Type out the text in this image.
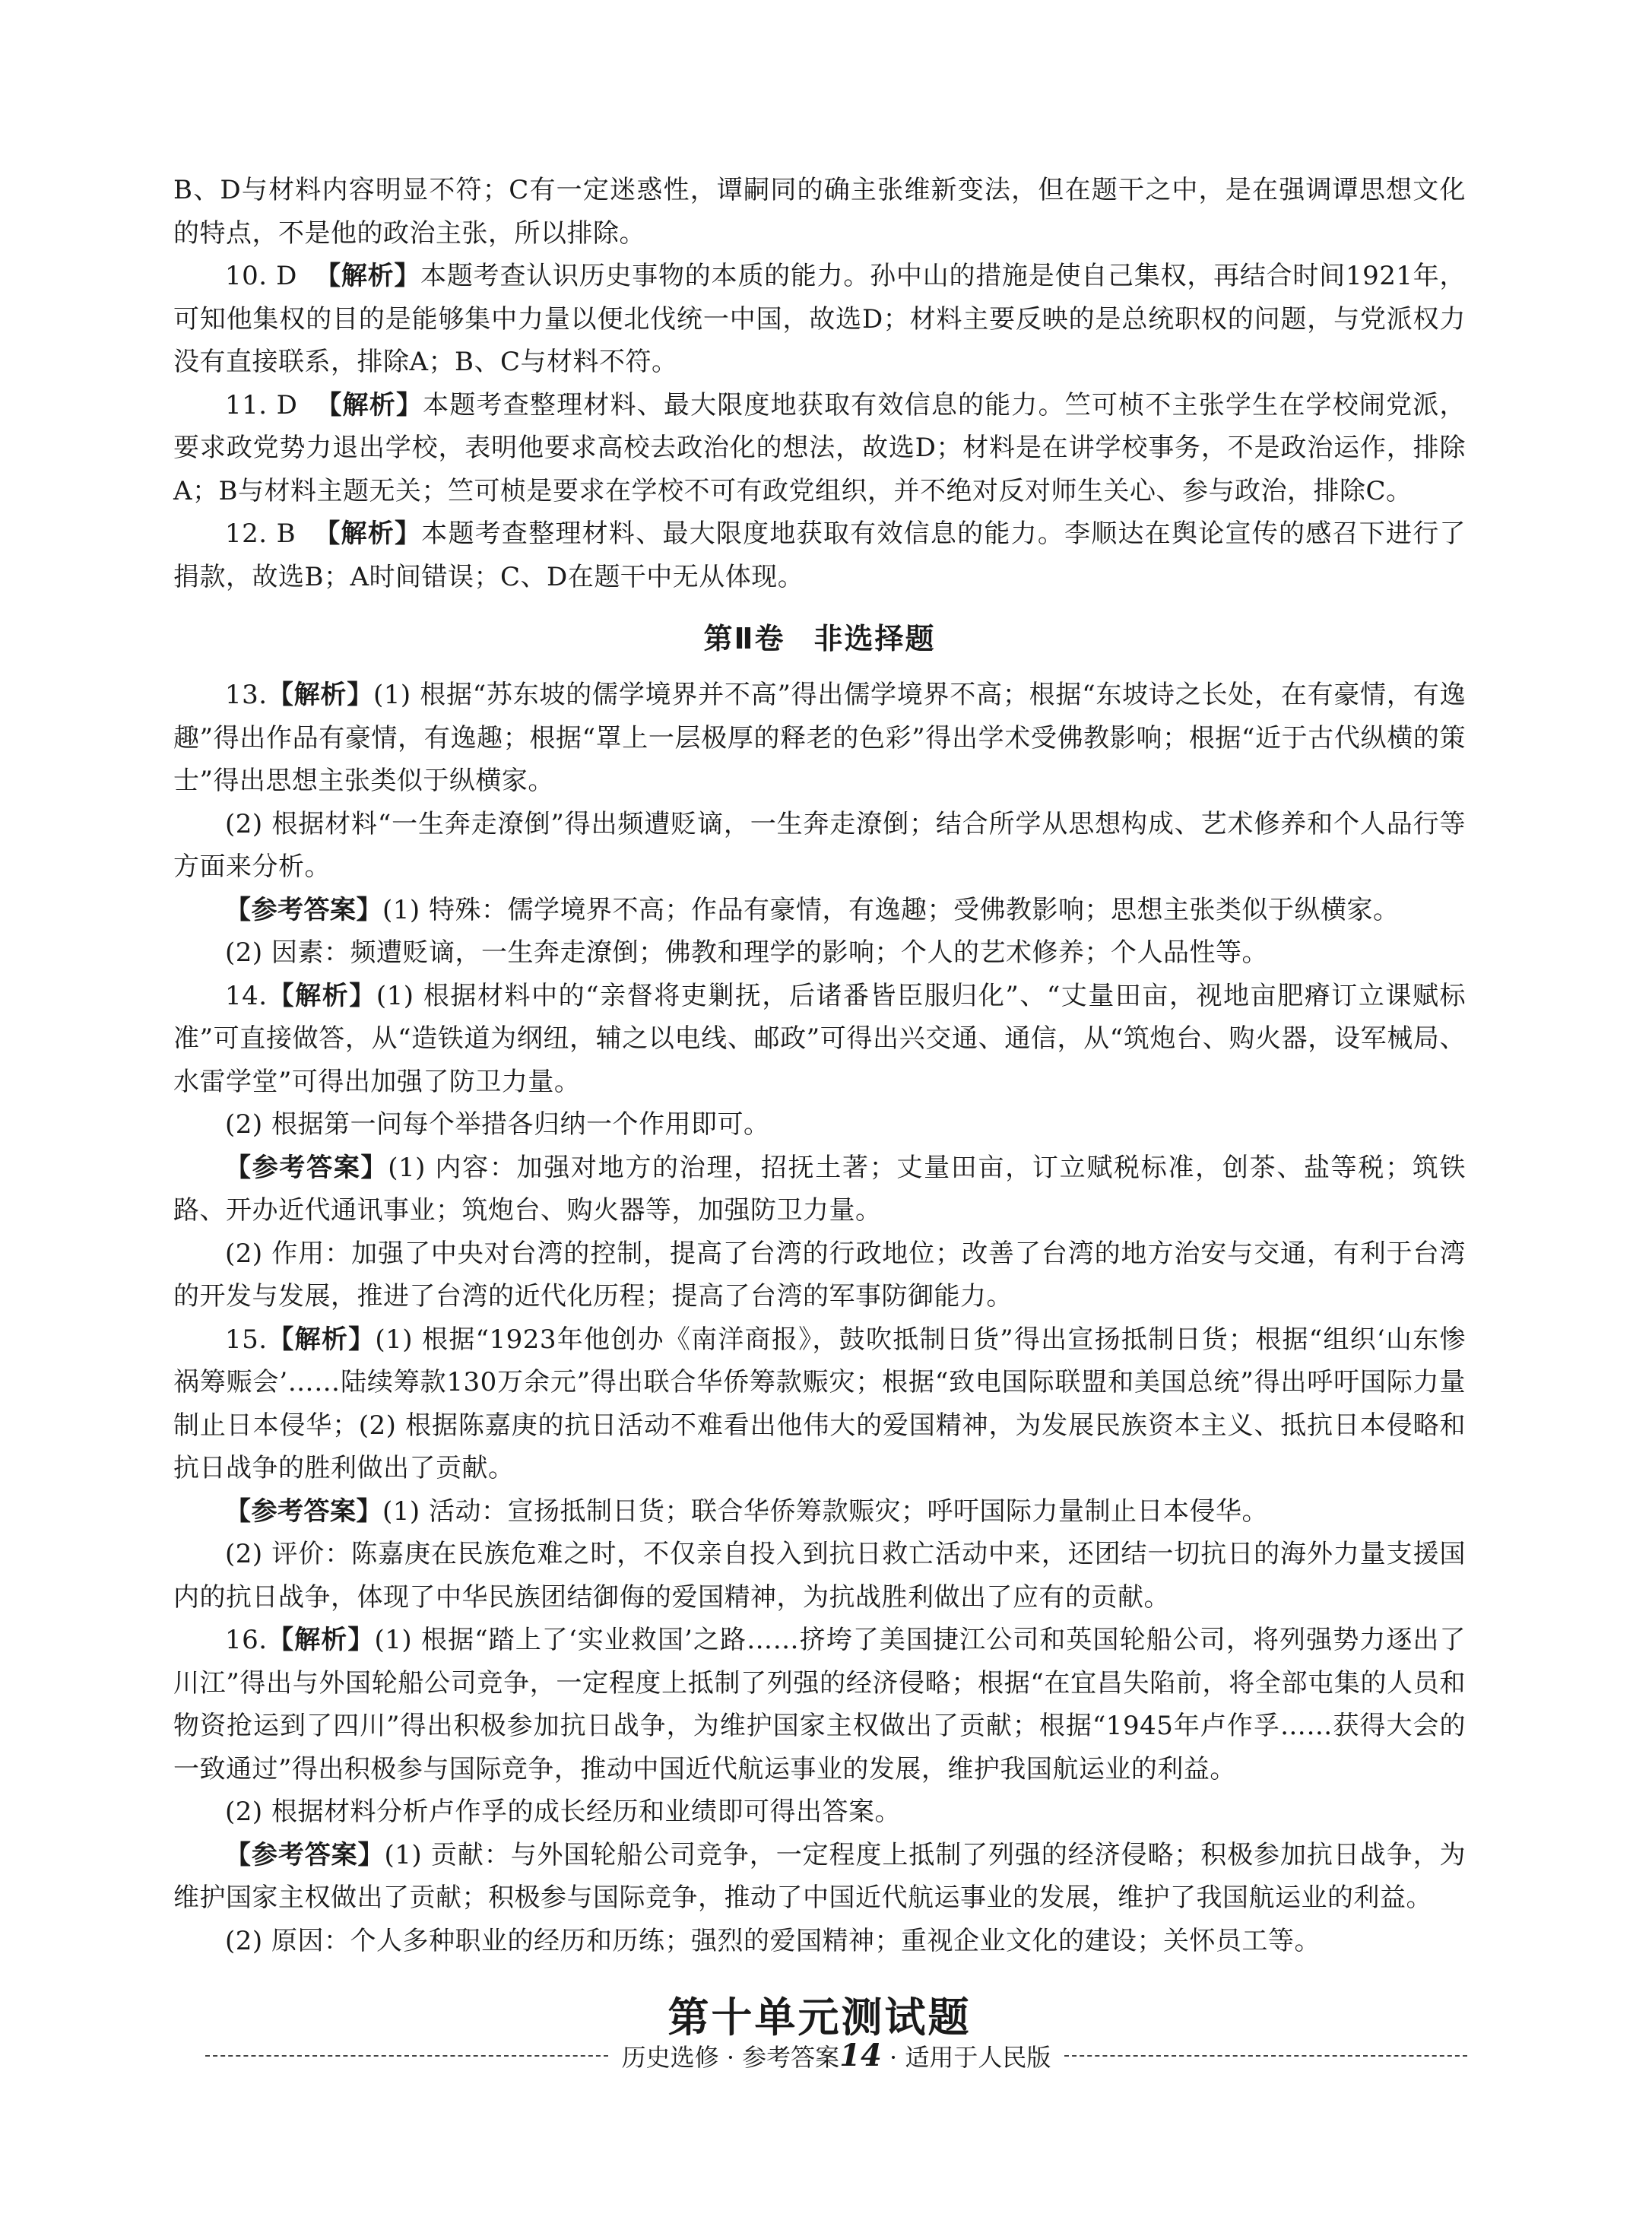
B、D与材料内容明显不符；C有一定迷惑性，谭嗣同的确主张维新变法，但在题干之中，是在强调谭思想文化的特点，不是他的政治主张，所以排除。

10. D 【解析】本题考查认识历史事物的本质的能力。孙中山的措施是使自己集权，再结合时间1921年，可知他集权的目的是能够集中力量以便北伐统一中国，故选D；材料主要反映的是总统职权的问题，与党派权力没有直接联系，排除A；B、C与材料不符。

11. D 【解析】本题考查整理材料、最大限度地获取有效信息的能力。竺可桢不主张学生在学校闹党派，要求政党势力退出学校，表明他要求高校去政治化的想法，故选D；材料是在讲学校事务，不是政治运作，排除A；B与材料主题无关；竺可桢是要求在学校不可有政党组织，并不绝对反对师生关心、参与政治，排除C。

12. B 【解析】本题考查整理材料、最大限度地获取有效信息的能力。李顺达在舆论宣传的感召下进行了捐款，故选B；A时间错误；C、D在题干中无从体现。

第Ⅱ卷 非选择题

13.【解析】(1) 根据“苏东坡的儒学境界并不高”得出儒学境界不高；根据“东坡诗之长处，在有豪情，有逸趣”得出作品有豪情，有逸趣；根据“罩上一层极厚的释老的色彩”得出学术受佛教影响；根据“近于古代纵横的策士”得出思想主张类似于纵横家。

(2) 根据材料“一生奔走潦倒”得出频遭贬谪，一生奔走潦倒；结合所学从思想构成、艺术修养和个人品行等方面来分析。

【参考答案】(1) 特殊：儒学境界不高；作品有豪情，有逸趣；受佛教影响；思想主张类似于纵横家。

(2) 因素：频遭贬谪，一生奔走潦倒；佛教和理学的影响；个人的艺术修养；个人品性等。

14.【解析】(1) 根据材料中的“亲督将吏剿抚，后诸番皆臣服归化”、“丈量田亩，视地亩肥瘠订立课赋标准”可直接做答，从“造铁道为纲纽，辅之以电线、邮政”可得出兴交通、通信，从“筑炮台、购火器，设军械局、水雷学堂”可得出加强了防卫力量。

(2) 根据第一问每个举措各归纳一个作用即可。

【参考答案】(1) 内容：加强对地方的治理，招抚土著；丈量田亩，订立赋税标准，创茶、盐等税；筑铁路、开办近代通讯事业；筑炮台、购火器等，加强防卫力量。

(2) 作用：加强了中央对台湾的控制，提高了台湾的行政地位；改善了台湾的地方治安与交通，有利于台湾的开发与发展，推进了台湾的近代化历程；提高了台湾的军事防御能力。

15.【解析】(1) 根据“1923年他创办《南洋商报》，鼓吹抵制日货”得出宣扬抵制日货；根据“组织‘山东惨祸筹赈会’……陆续筹款130万余元”得出联合华侨筹款赈灾；根据“致电国际联盟和美国总统”得出呼吁国际力量制止日本侵华；(2) 根据陈嘉庚的抗日活动不难看出他伟大的爱国精神，为发展民族资本主义、抵抗日本侵略和抗日战争的胜利做出了贡献。

【参考答案】(1) 活动：宣扬抵制日货；联合华侨筹款赈灾；呼吁国际力量制止日本侵华。

(2) 评价：陈嘉庚在民族危难之时，不仅亲自投入到抗日救亡活动中来，还团结一切抗日的海外力量支援国内的抗日战争，体现了中华民族团结御侮的爱国精神，为抗战胜利做出了应有的贡献。

16.【解析】(1) 根据“踏上了‘实业救国’之路……挤垮了美国捷江公司和英国轮船公司，将列强势力逐出了川江”得出与外国轮船公司竞争，一定程度上抵制了列强的经济侵略；根据“在宜昌失陷前，将全部屯集的人员和物资抢运到了四川”得出积极参加抗日战争，为维护国家主权做出了贡献；根据“1945年卢作孚……获得大会的一致通过”得出积极参与国际竞争，推动中国近代航运事业的发展，维护我国航运业的利益。

(2) 根据材料分析卢作孚的成长经历和业绩即可得出答案。

【参考答案】(1) 贡献：与外国轮船公司竞争，一定程度上抵制了列强的经济侵略；积极参加抗日战争，为维护国家主权做出了贡献；积极参与国际竞争，推动了中国近代航运事业的发展，维护了我国航运业的利益。

(2) 原因：个人多种职业的经历和历练；强烈的爱国精神；重视企业文化的建设；关怀员工等。

第十单元测试题
历史选修 · 参考答案14 · 适用于人民版
